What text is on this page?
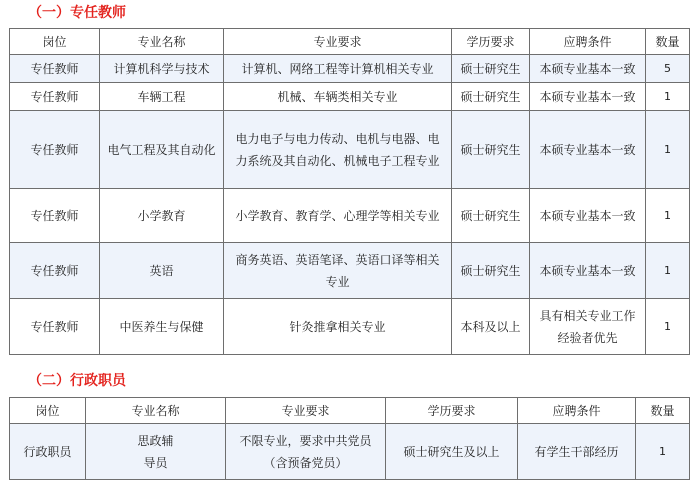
（一）专任教师
岗位	专业名称	专业要求	学历要求	应聘条件	数量
专任教师	计算机科学与技术	计算机、网络工程等计算机相关专业	硕士研究生	本硕专业基本一致	5
专任教师	车辆工程	机械、车辆类相关专业	硕士研究生	本硕专业基本一致	1
专任教师	电气工程及其自动化	电力电子与电力传动、电机与电器、电力系统及其自动化、机械电子工程专业	硕士研究生	本硕专业基本一致	1
专任教师	小学教育	小学教育、教育学、心理学等相关专业	硕士研究生	本硕专业基本一致	1
专任教师	英语	商务英语、英语笔译、英语口译等相关专业	硕士研究生	本硕专业基本一致	1
专任教师	中医养生与保健	针灸推拿相关专业	本科及以上	具有相关专业工作经验者优先	1
（二）行政职员
岗位	专业名称	专业要求	学历要求	应聘条件	数量
行政职员	思政辅导员	不限专业，要求中共党员（含预备党员）	硕士研究生及以上	有学生干部经历	1
